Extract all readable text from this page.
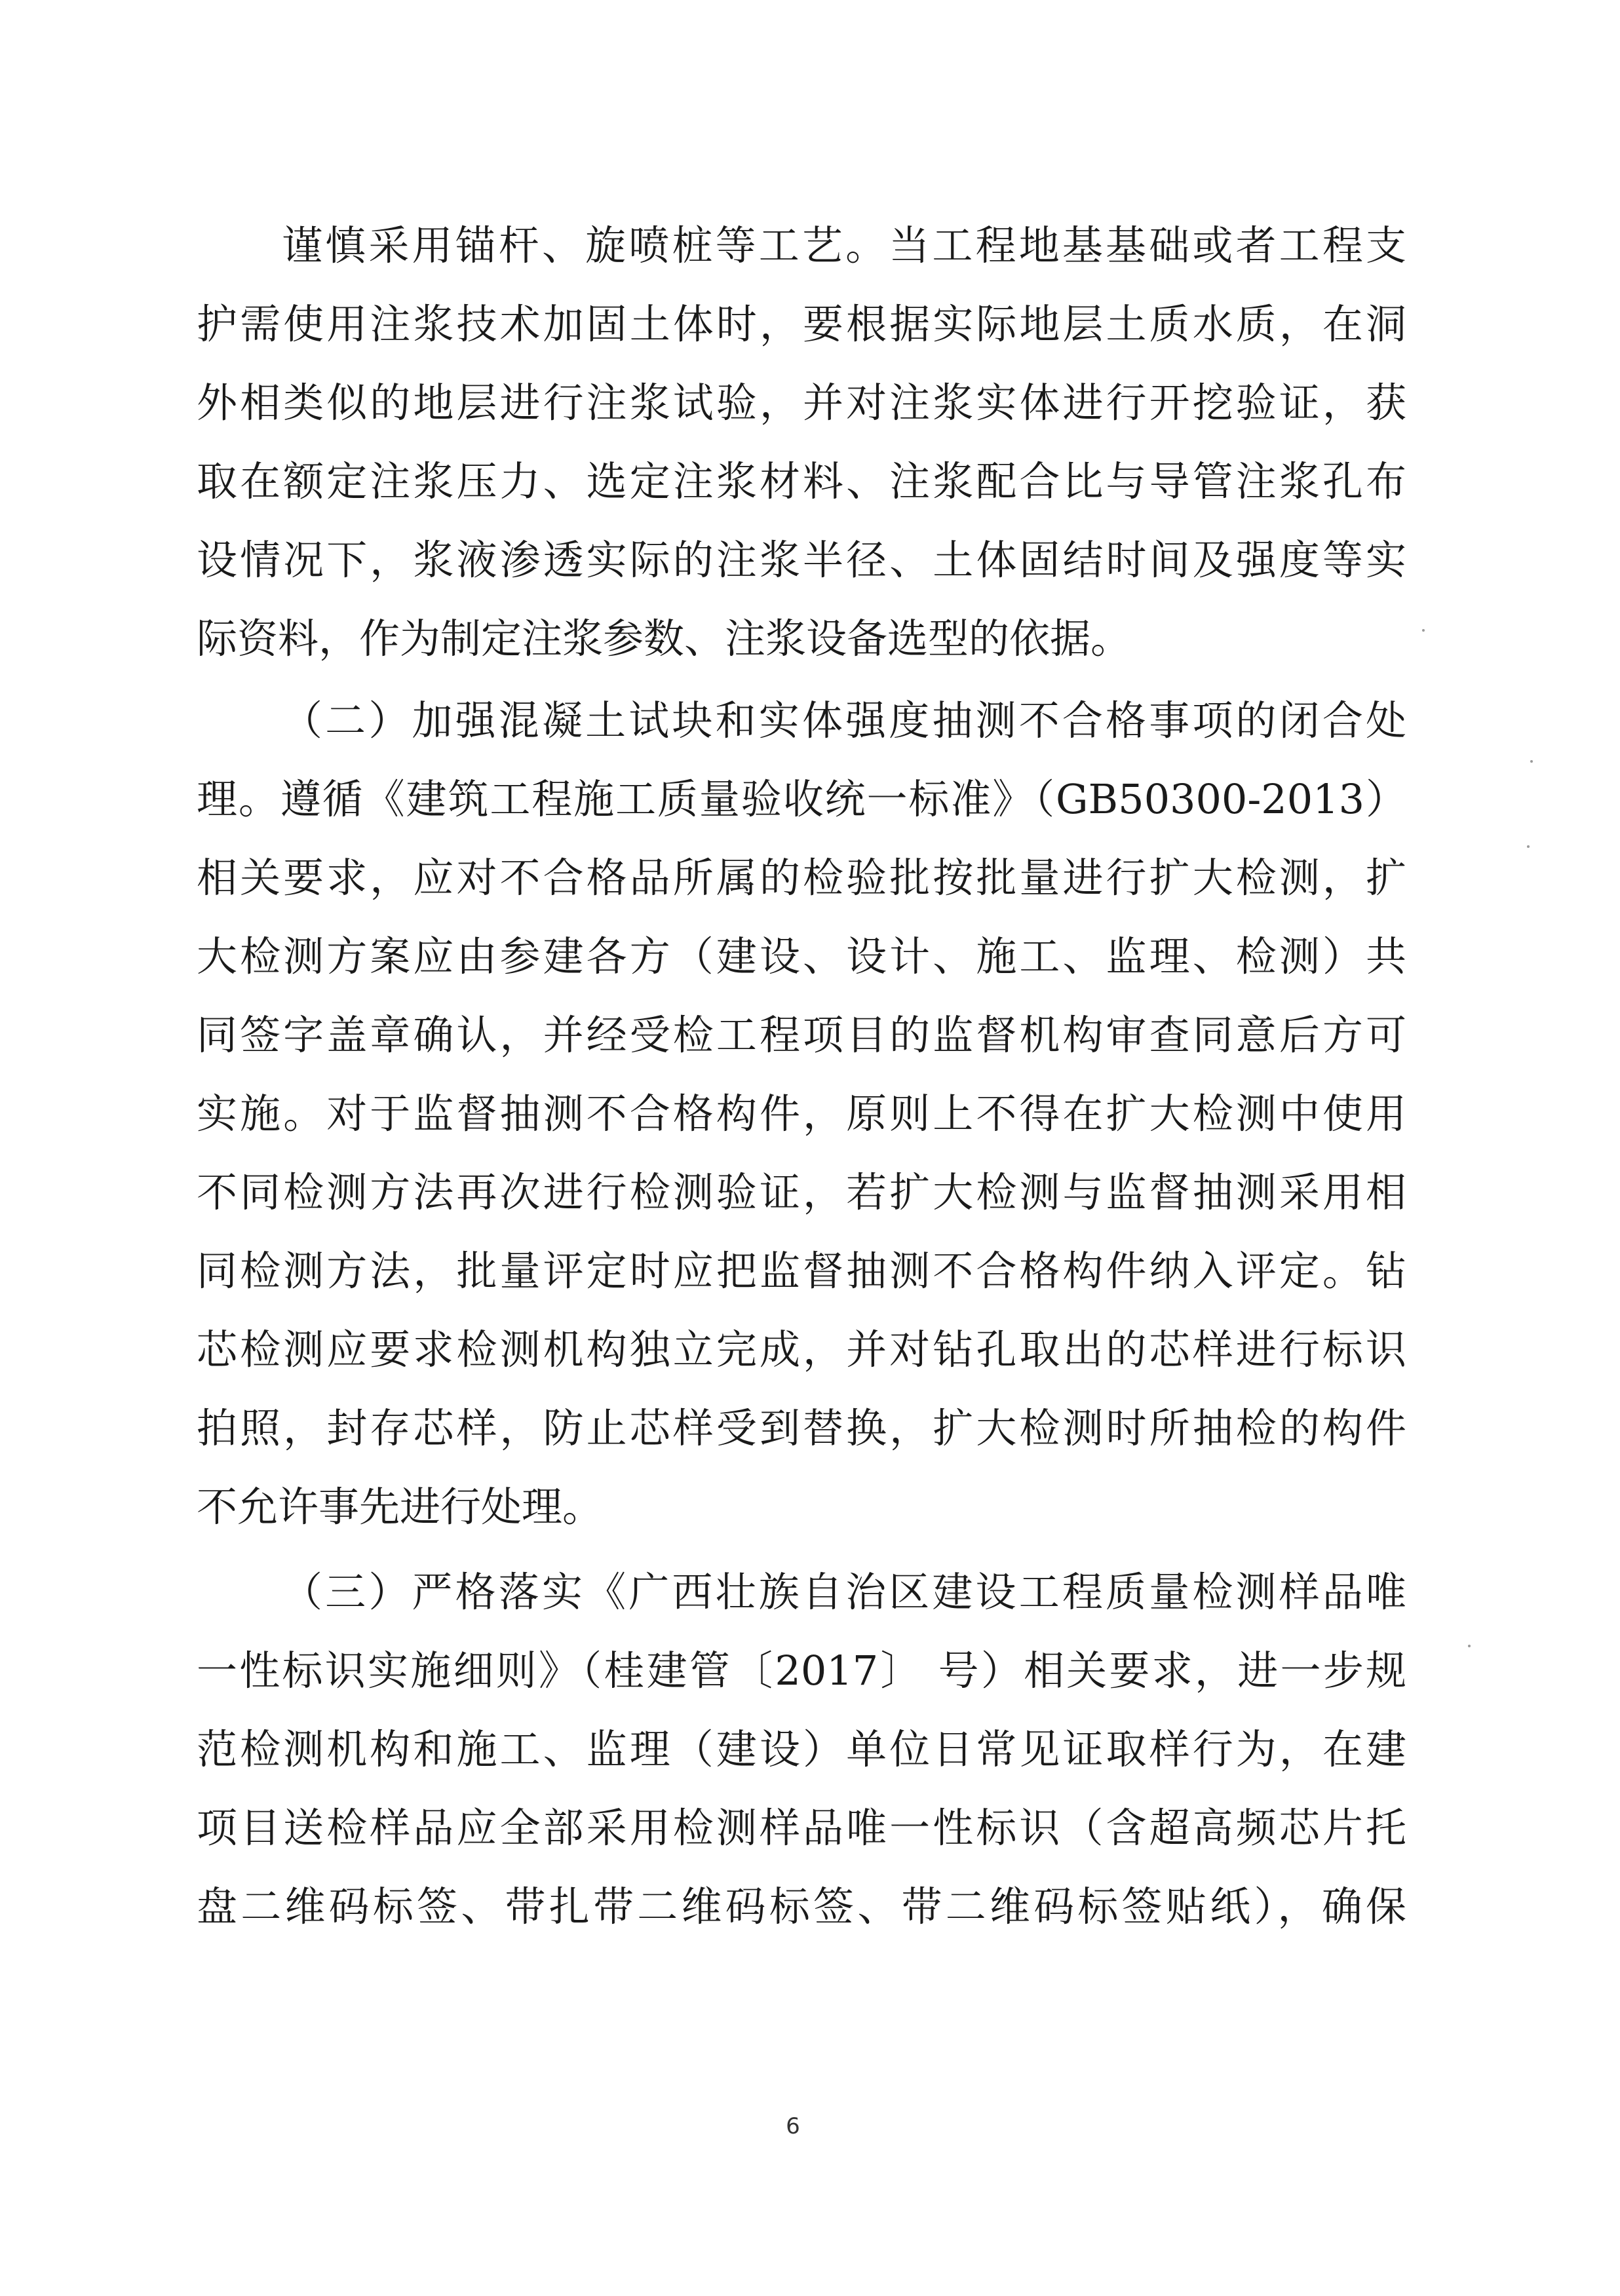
谨慎采用锚杆、旋喷桩等工艺。当工程地基基础或者工程支
护需使用注浆技术加固土体时，要根据实际地层土质水质，在洞
外相类似的地层进行注浆试验，并对注浆实体进行开挖验证，获
取在额定注浆压力、选定注浆材料、注浆配合比与导管注浆孔布
设情况下，浆液渗透实际的注浆半径、土体固结时间及强度等实
际资料，作为制定注浆参数、注浆设备选型的依据。
（二）加强混凝土试块和实体强度抽测不合格事项的闭合处
理。遵循《建筑工程施工质量验收统一标准》（GB50300-2013）
相关要求，应对不合格品所属的检验批按批量进行扩大检测，扩
大检测方案应由参建各方（建设、设计、施工、监理、检测）共
同签字盖章确认，并经受检工程项目的监督机构审查同意后方可
实施。对于监督抽测不合格构件，原则上不得在扩大检测中使用
不同检测方法再次进行检测验证，若扩大检测与监督抽测采用相
同检测方法，批量评定时应把监督抽测不合格构件纳入评定。钻
芯检测应要求检测机构独立完成，并对钻孔取出的芯样进行标识
拍照，封存芯样，防止芯样受到替换，扩大检测时所抽检的构件
不允许事先进行处理。
（三）严格落实《广西壮族自治区建设工程质量检测样品唯
一性标识实施细则》（桂建管〔2017〕 号）相关要求，进一步规
范检测机构和施工、监理（建设）单位日常见证取样行为，在建
项目送检样品应全部采用检测样品唯一性标识（含超高频芯片托
盘二维码标签、带扎带二维码标签、带二维码标签贴纸），确保
6
